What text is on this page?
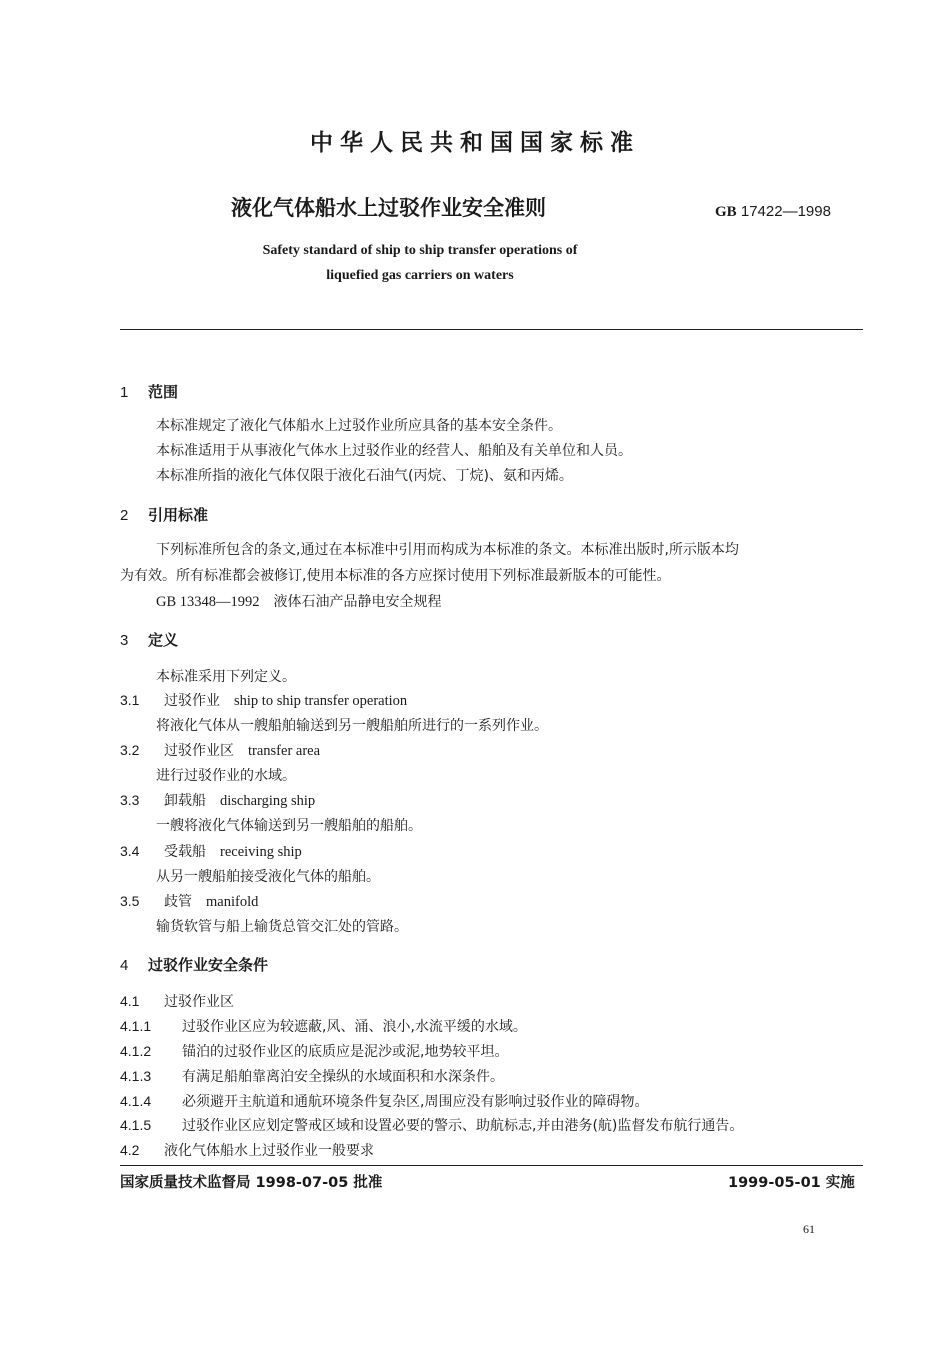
中华人民共和国国家标准
液化气体船水上过驳作业安全准则	GB 17422—1998
Safety standard of ship to ship transfer operations of
liquefied gas carriers on waters
1 范围
本标准规定了液化气体船水上过驳作业所应具备的基本安全条件。
本标准适用于从事液化气体水上过驳作业的经营人、船舶及有关单位和人员。
本标准所指的液化气体仅限于液化石油气(丙烷、丁烷)、氨和丙烯。
2 引用标准
下列标准所包含的条文,通过在本标准中引用而构成为本标准的条文。本标准出版时,所示版本均
为有效。所有标准都会被修订,使用本标准的各方应探讨使用下列标准最新版本的可能性。
GB 13348—1992 液体石油产品静电安全规程
3 定义
本标准采用下列定义。
3.1 过驳作业 ship to ship transfer operation
将液化气体从一艘船舶输送到另一艘船舶所进行的一系列作业。
3.2 过驳作业区 transfer area
进行过驳作业的水域。
3.3 卸载船 discharging ship
一艘将液化气体输送到另一艘船舶的船舶。
3.4 受载船 receiving ship
从另一艘船舶接受液化气体的船舶。
3.5 歧管 manifold
输货软管与船上输货总管交汇处的管路。
4 过驳作业安全条件
4.1 过驳作业区
4.1.1 过驳作业区应为较遮蔽,风、涌、浪小,水流平缓的水域。
4.1.2 锚泊的过驳作业区的底质应是泥沙或泥,地势较平坦。
4.1.3 有满足船舶靠离泊安全操纵的水域面积和水深条件。
4.1.4 必须避开主航道和通航环境条件复杂区,周围应没有影响过驳作业的障碍物。
4.1.5 过驳作业区应划定警戒区域和设置必要的警示、助航标志,并由港务(航)监督发布航行通告。
4.2 液化气体船水上过驳作业一般要求
国家质量技术监督局 1998-07-05 批准	1999-05-01 实施
61
